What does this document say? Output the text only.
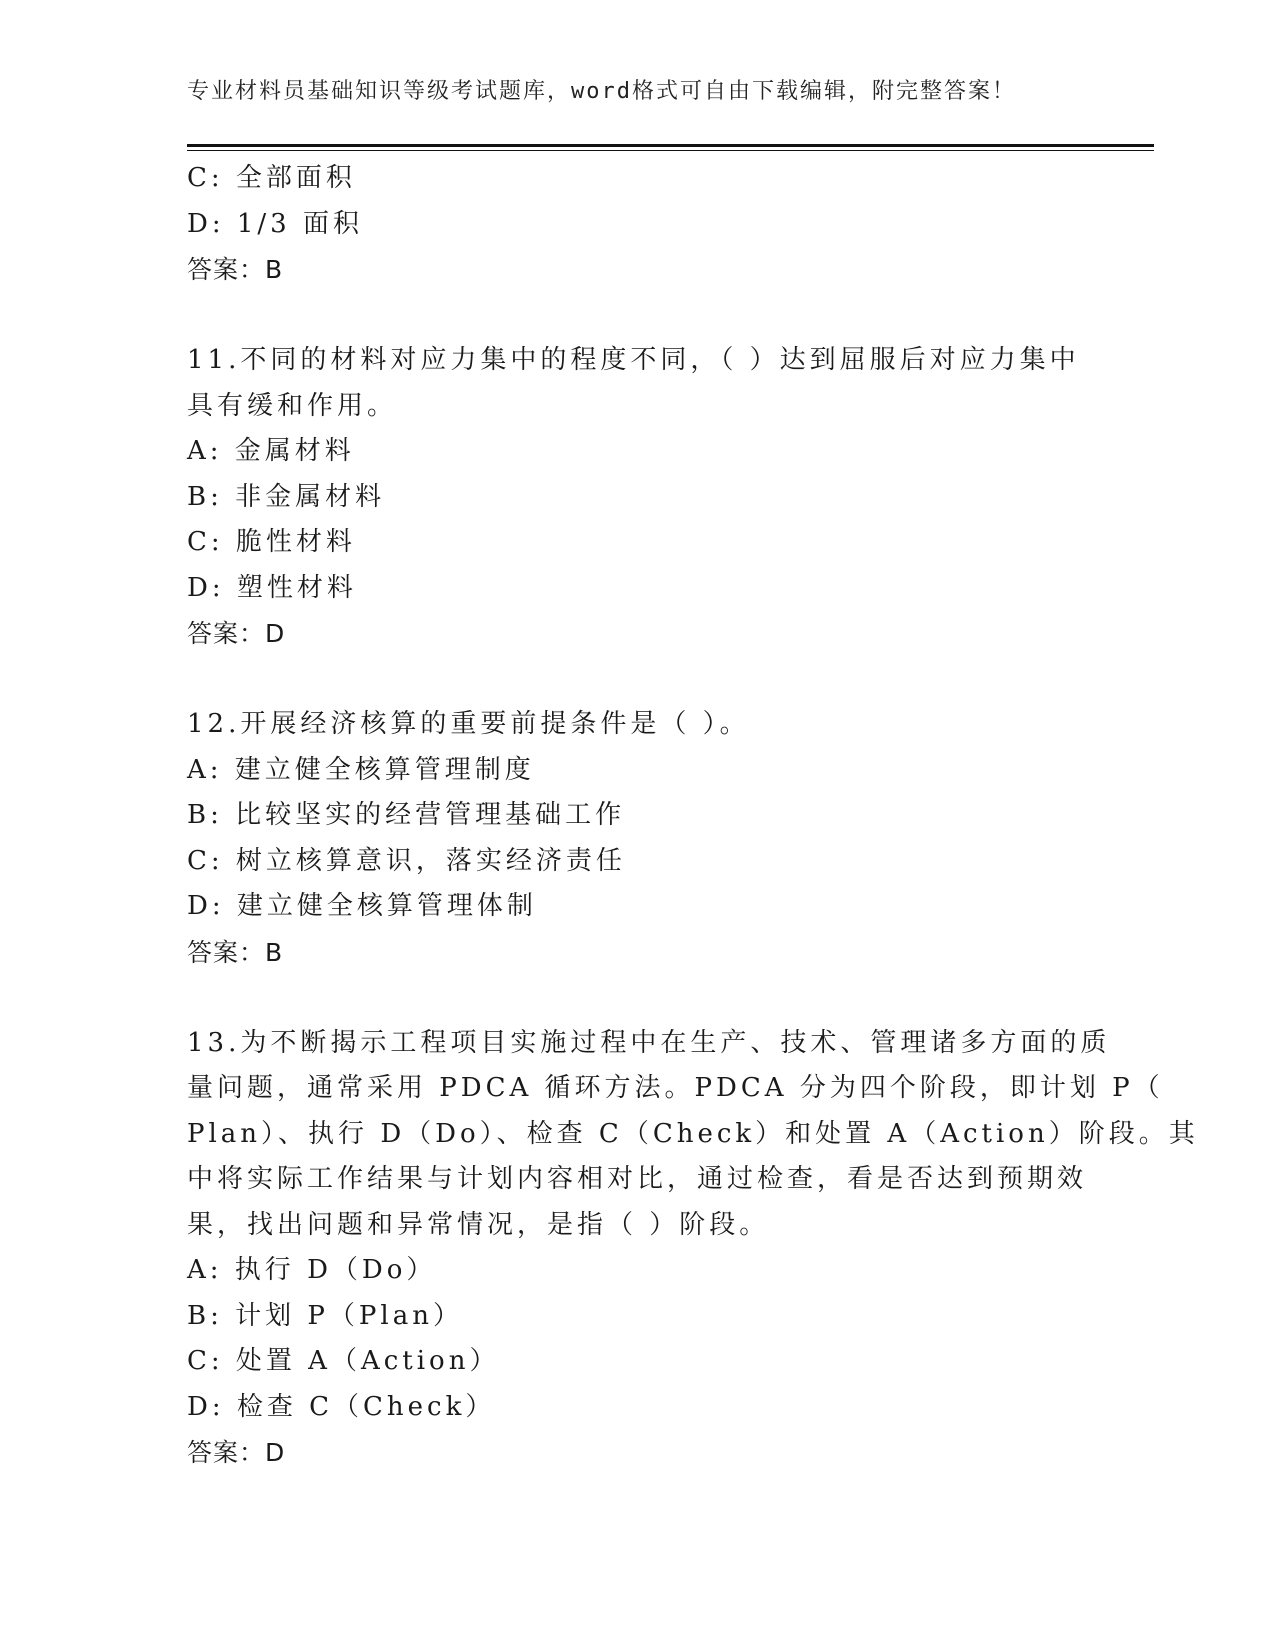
专业材料员基础知识等级考试题库，word格式可自由下载编辑，附完整答案！
C: 全部面积
D: 1/3 面积
答案：B
11.不同的材料对应力集中的程度不同，（ ）达到屈服后对应力集中
具有缓和作用。
A: 金属材料
B: 非金属材料
C: 脆性材料
D: 塑性材料
答案：D
12.开展经济核算的重要前提条件是（ ）。
A: 建立健全核算管理制度
B: 比较坚实的经营管理基础工作
C: 树立核算意识，落实经济责任
D: 建立健全核算管理体制
答案：B
13.为不断揭示工程项目实施过程中在生产、技术、管理诸多方面的质
量问题，通常采用 PDCA 循环方法。PDCA 分为四个阶段，即计划 P（
Plan）、执行 D（Do）、检查 C（Check）和处置 A（Action）阶段。其
中将实际工作结果与计划内容相对比，通过检查，看是否达到预期效
果，找出问题和异常情况，是指（ ）阶段。
A: 执行 D（Do）
B: 计划 P（Plan）
C: 处置 A（Action）
D: 检查 C（Check）
答案：D
